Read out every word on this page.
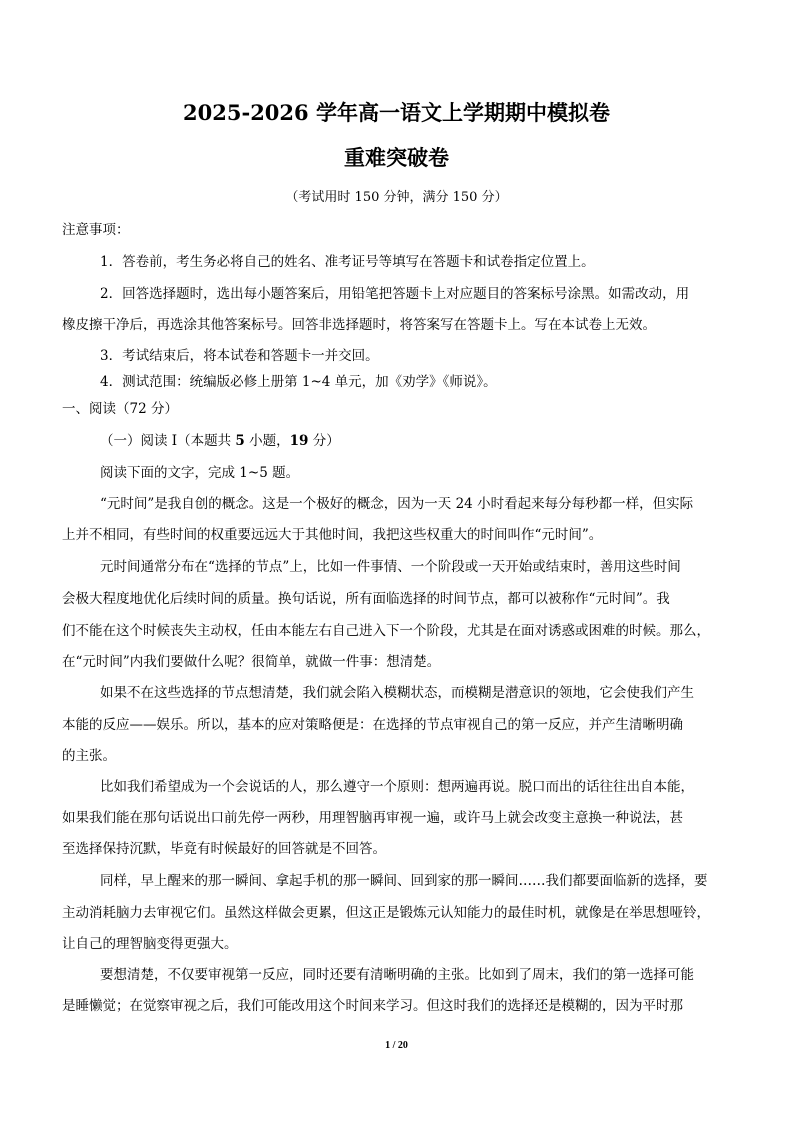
2025-2026 学年高一语文上学期期中模拟卷
重难突破卷
（考试用时 150 分钟，满分 150 分）
注意事项：
1．答卷前，考生务必将自己的姓名、准考证号等填写在答题卡和试卷指定位置上。
2．回答选择题时，选出每小题答案后，用铅笔把答题卡上对应题目的答案标号涂黑。如需改动，用
橡皮擦干净后，再选涂其他答案标号。回答非选择题时，将答案写在答题卡上。写在本试卷上无效。
3．考试结束后，将本试卷和答题卡一并交回。
4．测试范围：统编版必修上册第 1~4 单元，加《劝学》《师说》。
一、阅读（72 分）
（一）阅读 I（本题共 5 小题，19 分）
阅读下面的文字，完成 1~5 题。
“元时间”是我自创的概念。这是一个极好的概念，因为一天 24 小时看起来每分每秒都一样，但实际
上并不相同，有些时间的权重要远远大于其他时间，我把这些权重大的时间叫作“元时间”。
元时间通常分布在“选择的节点”上，比如一件事情、一个阶段或一天开始或结束时，善用这些时间
会极大程度地优化后续时间的质量。换句话说，所有面临选择的时间节点，都可以被称作“元时间”。我
们不能在这个时候丧失主动权，任由本能左右自己进入下一个阶段，尤其是在面对诱惑或困难的时候。那么，
在“元时间”内我们要做什么呢？很简单，就做一件事：想清楚。
如果不在这些选择的节点想清楚，我们就会陷入模糊状态，而模糊是潜意识的领地，它会使我们产生
本能的反应——娱乐。所以，基本的应对策略便是：在选择的节点审视自己的第一反应，并产生清晰明确
的主张。
比如我们希望成为一个会说话的人，那么遵守一个原则：想两遍再说。脱口而出的话往往出自本能，
如果我们能在那句话说出口前先停一两秒，用理智脑再审视一遍，或许马上就会改变主意换一种说法，甚
至选择保持沉默，毕竟有时候最好的回答就是不回答。
同样，早上醒来的那一瞬间、拿起手机的那一瞬间、回到家的那一瞬间……我们都要面临新的选择，要
主动消耗脑力去审视它们。虽然这样做会更累，但这正是锻炼元认知能力的最佳时机，就像是在举思想哑铃，
让自己的理智脑变得更强大。
要想清楚，不仅要审视第一反应，同时还要有清晰明确的主张。比如到了周末，我们的第一选择可能
是睡懒觉；在觉察审视之后，我们可能改用这个时间来学习。但这时我们的选择还是模糊的，因为平时那
1 / 20
